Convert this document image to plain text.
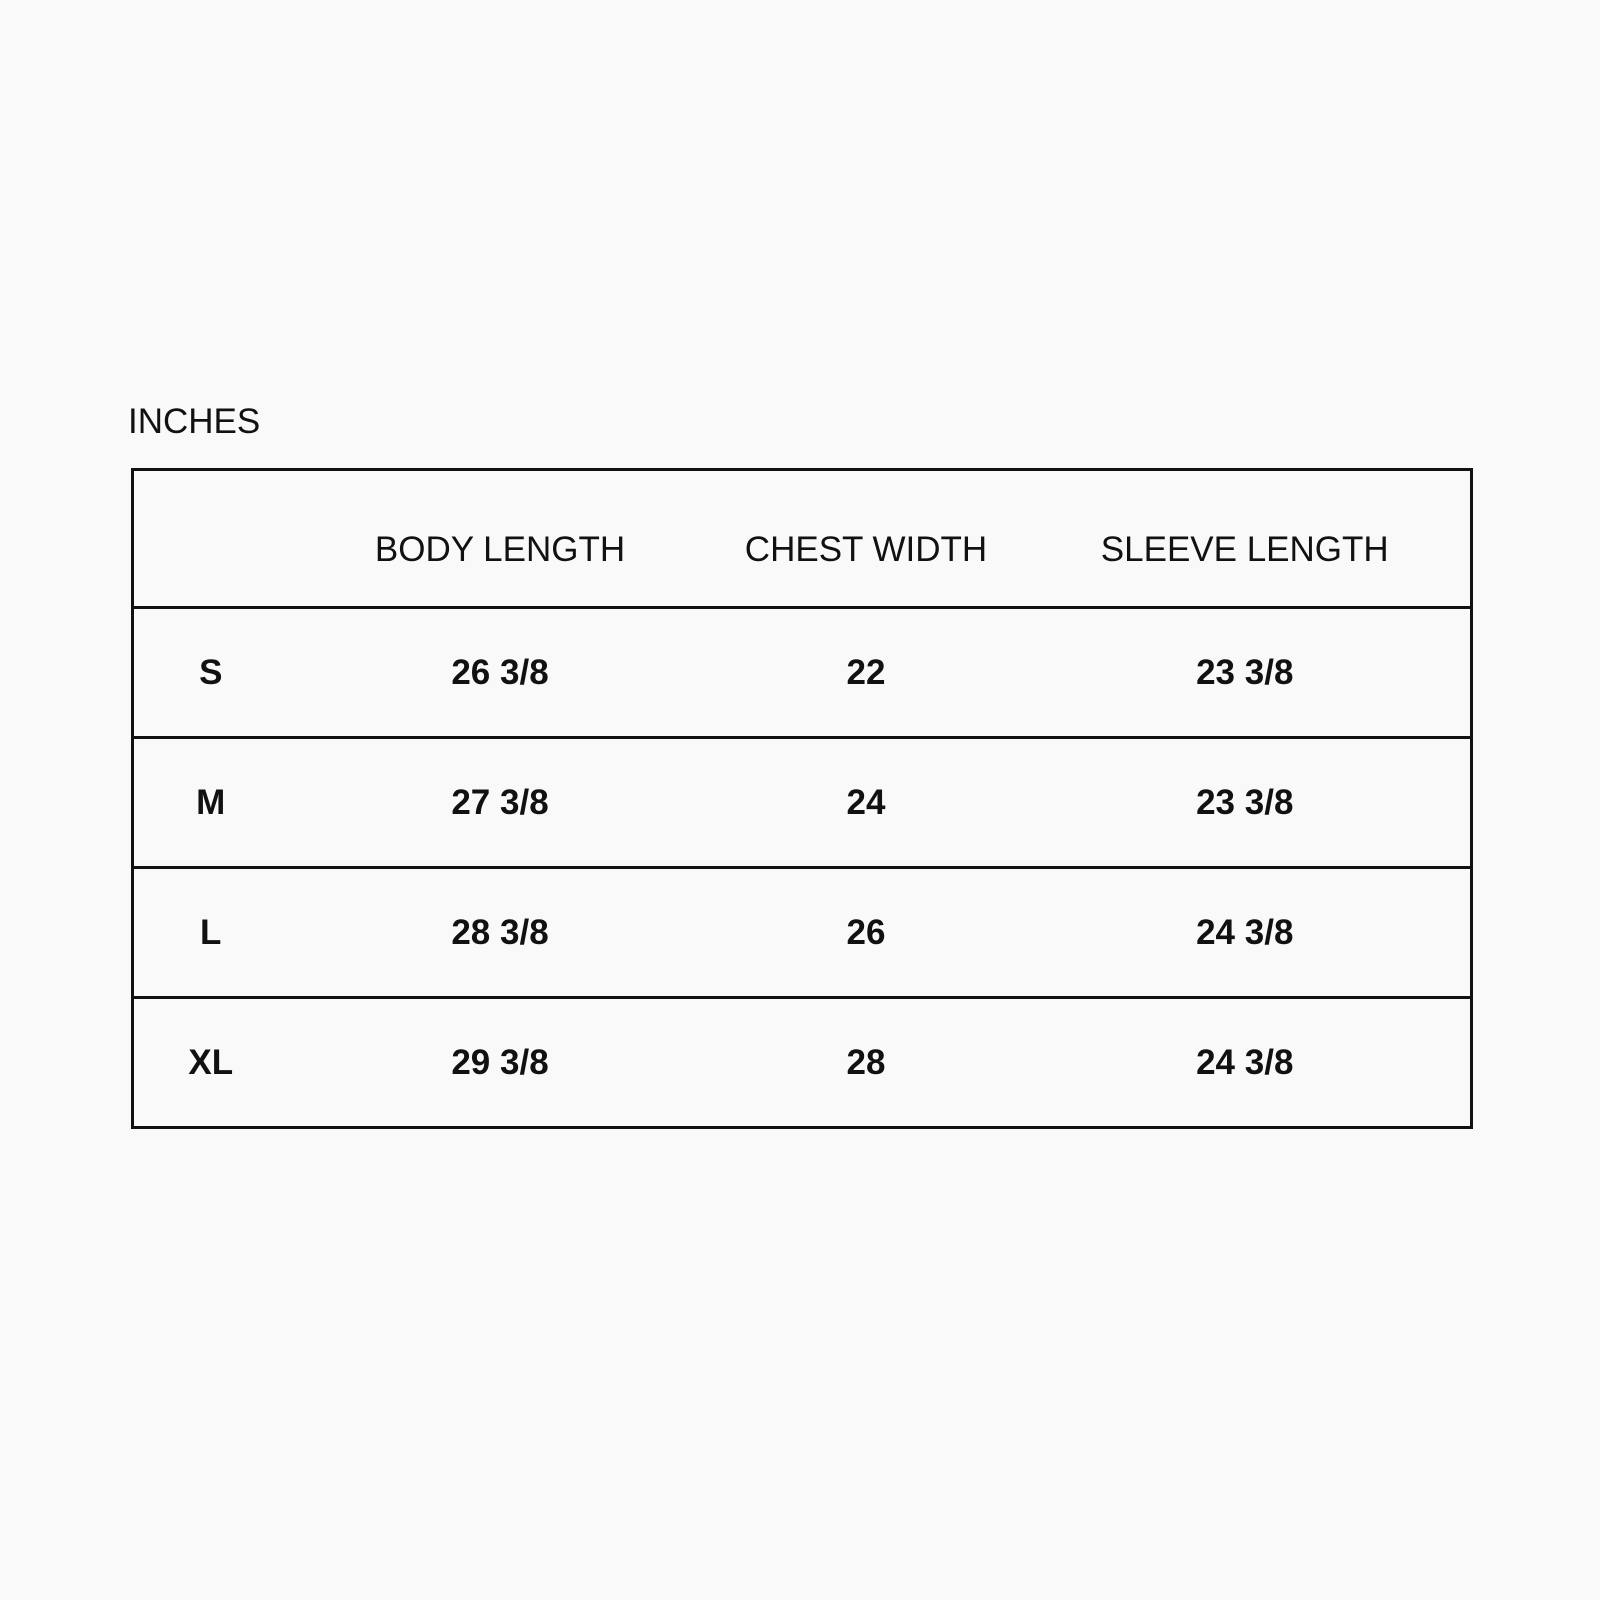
INCHES
	BODY LENGTH	CHEST WIDTH	SLEEVE LENGTH
S	26 3/8	22	23 3/8
M	27 3/8	24	23 3/8
L	28 3/8	26	24 3/8
XL	29 3/8	28	24 3/8
